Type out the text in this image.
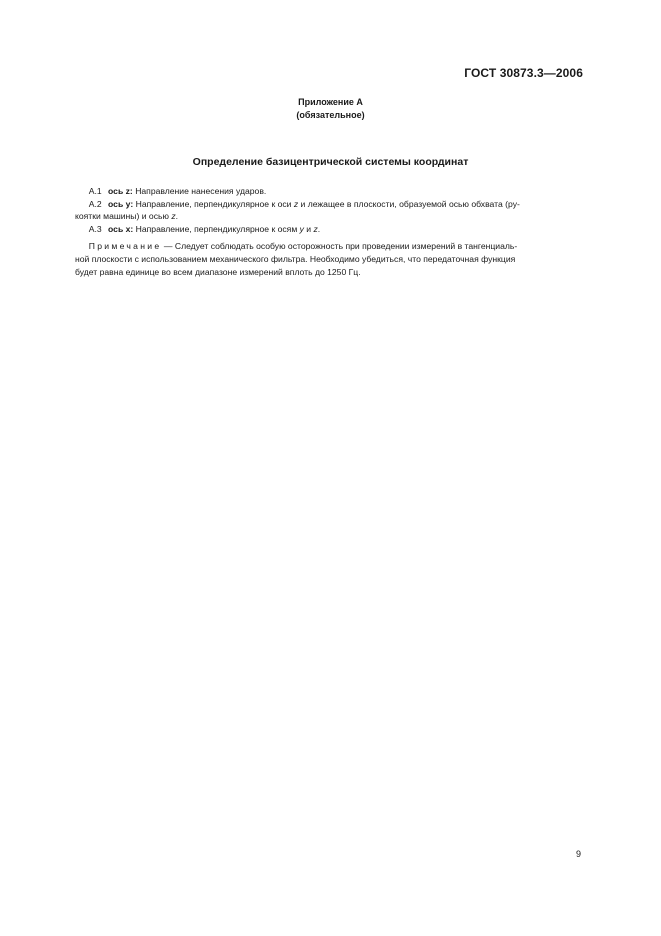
ГОСТ 30873.3—2006
Приложение А
(обязательное)
Определение базицентрической системы координат

А.1 ось z: Направление нанесения ударов.

А.2 ось y: Направление, перпендикулярное к оси z и лежащее в плоскости, образуемой осью обхвата (ру-
коятки машины) и осью z.

А.3 ось x: Направление, перпендикулярное к осям y и z.

Примечание — Следует соблюдать особую осторожность при проведении измерений в тангенциаль-
ной плоскости с использованием механического фильтра. Необходимо убедиться, что передаточная функция
будет равна единице во всем диапазоне измерений вплоть до 1250 Гц.

9
